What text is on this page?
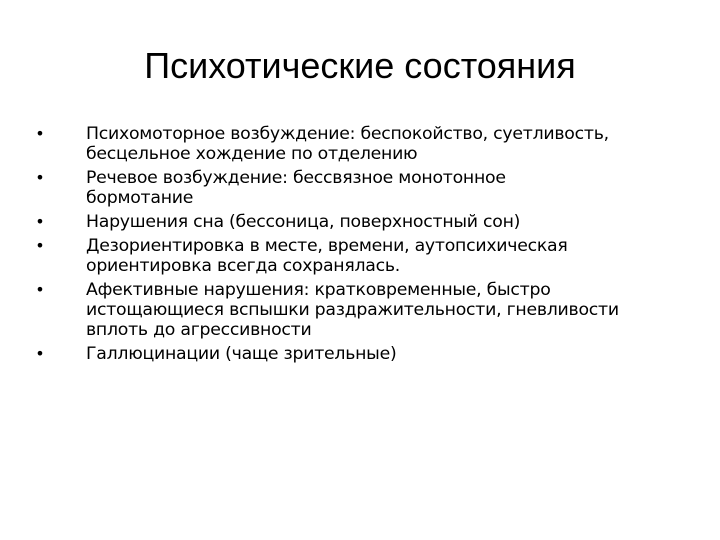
Психотические состояния
•	Психомоторное возбуждение: беспокойство, суетливость,
бесцельное хождение по отделению
•	Речевое возбуждение: бессвязное монотонное
бормотание
•	Нарушения сна (бессоница, поверхностный сон)
•	Дезориентировка в месте, времени, аутопсихическая
ориентировка всегда сохранялась.
•	Афективные нарушения: кратковременные, быстро
истощающиеся вспышки раздражительности, гневливости
вплоть до агрессивности
•	Галлюцинации (чаще зрительные)
